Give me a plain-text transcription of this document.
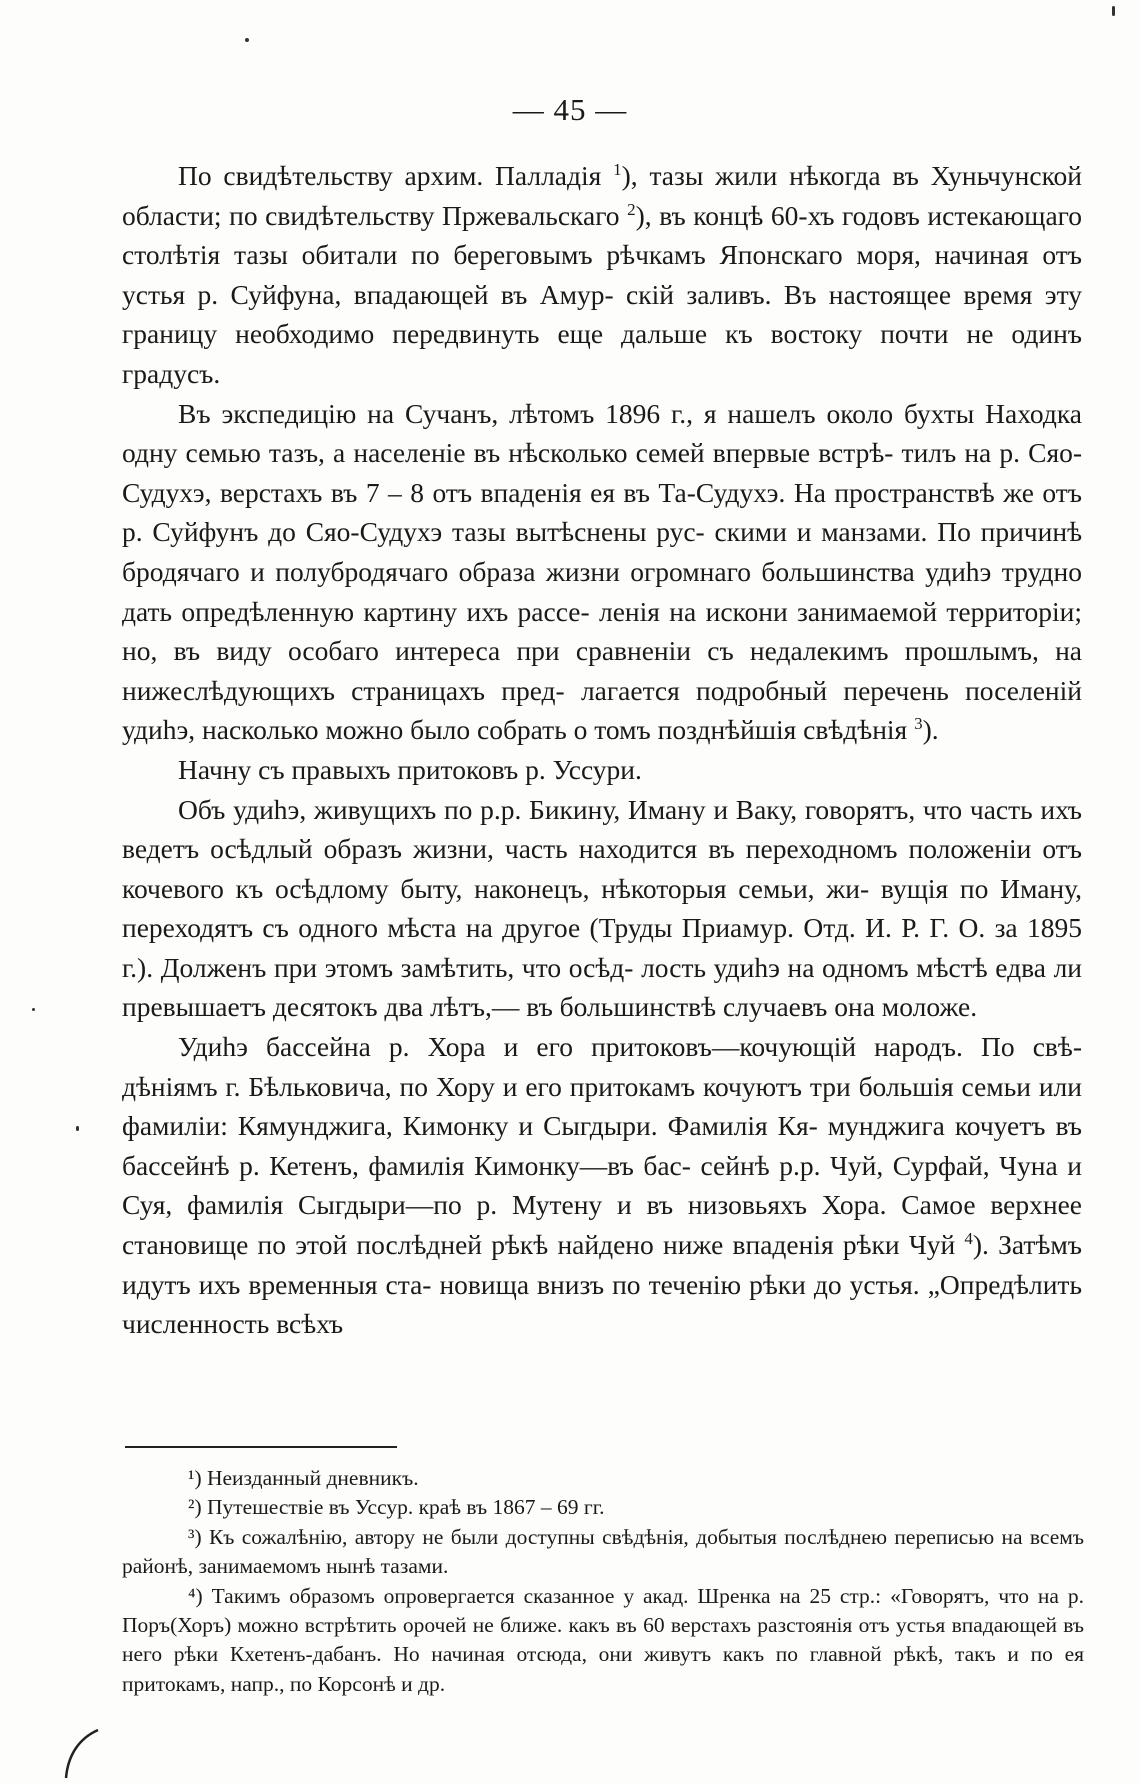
— 45 —

По свидѣтельству архим. Палладія $^1$), тазы жили нѣкогда въ Хуньчунской области; по свидѣтельству Пржевальскаго $^2$), въ концѣ 60-хъ годовъ истекающаго столѣтія тазы обитали по береговымъ рѣчкамъ Японскаго моря, начиная отъ устья р. Суйфуна, впадающей въ Амур- скій заливъ. Въ настоящее время эту границу необходимо передвинуть еще дальше къ востоку почти не одинъ градусъ.

Въ экспедицію на Сучанъ, лѣтомъ 1896 г., я нашелъ около бухты Находка одну семью тазъ, а населеніе въ нѣсколько семей впервые встрѣ- тилъ на р. Сяо-Судухэ, верстахъ въ 7 – 8 отъ впаденія ея въ Та-Судухэ. На пространствѣ же отъ р. Суйфунъ до Сяо-Судухэ тазы вытѣснены рус- скими и манзами. По причинѣ бродячаго и полубродячаго образа жизни огромнаго большинства удиһэ трудно дать опредѣленную картину ихъ рассе- ленія на искони занимаемой территоріи; но, въ виду особаго интереса при сравненіи съ недалекимъ прошлымъ, на нижеслѣдующихъ страницахъ пред- лагается подробный перечень поселеній удиһэ, насколько можно было собрать о томъ позднѣйшія свѣдѣнія $^3$).

Начну съ правыхъ притоковъ р. Уссури.

Объ удиһэ, живущихъ по р.р. Бикину, Иману и Ваку, говорятъ, что часть ихъ ведетъ осѣдлый образъ жизни, часть находится въ переходномъ положеніи отъ кочевого къ осѣдлому быту, наконецъ, нѣкоторыя семьи, жи- вущія по Иману, переходятъ съ одного мѣста на другое (Труды Приамур. Отд. И. Р. Г. О. за 1895 г.). Долженъ при этомъ замѣтить, что осѣд- лость удиһэ на одномъ мѣстѣ едва ли превышаетъ десятокъ два лѣтъ,— въ большинствѣ случаевъ она моложе.

Удиһэ бассейна р. Хора и его притоковъ—кочующій народъ. По свѣ- дѣніямъ г. Бѣльковича, по Хору и его притокамъ кочуютъ три большія семьи или фамиліи: Кямунджига, Кимонку и Сыгдыри. Фамилія Кя- мунджига кочуетъ въ бассейнѣ р. Кетенъ, фамилія Кимонку—въ бас- сейнѣ р.р. Чуй, Сурфай, Чуна и Суя, фамилія Сыгдыри—по р. Мутену и въ низовьяхъ Хора. Самое верхнее становище по этой послѣдней рѣкѣ найдено ниже впаденія рѣки Чуй $^4$). Затѣмъ идутъ ихъ временныя ста- новища внизъ по теченію рѣки до устья. „Опредѣлить численность всѣхъ

¹) Неизданный дневникъ.

²) Путешествіе въ Уссур. краѣ въ 1867 – 69 гг.

³) Къ сожалѣнію, автору не были доступны свѣдѣнія, добытыя послѣднею переписью на всемъ районѣ, занимаемомъ нынѣ тазами.

⁴) Такимъ образомъ опровергается сказанное у акад. Шренка на 25 стр.: «Говорятъ, что на р. Поръ(Хоръ) можно встрѣтить орочей не ближе. какъ въ 60 верстахъ разстоянія отъ устья впадающей въ него рѣки Кхетенъ-дабанъ. Но начиная отсюда, они живутъ какъ по главной рѣкѣ, такъ и по ея притокамъ, напр., по Корсонѣ и др.
